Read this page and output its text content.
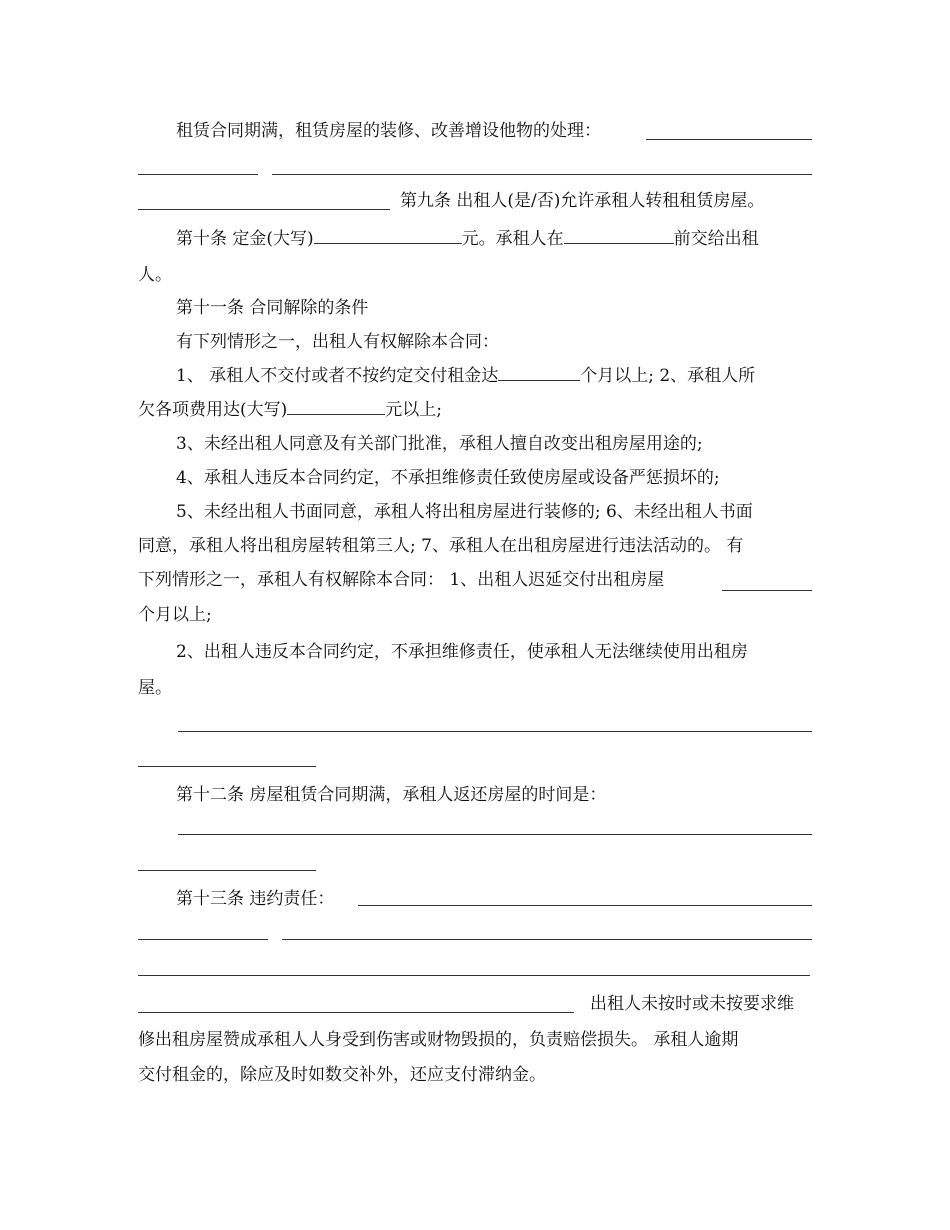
租赁合同期满，租赁房屋的装修、改善增设他物的处理：
第九条 出租人(是/否)允许承租人转租租赁房屋。
第十条 定金(大写)	元。承租人在	前交给出租
人。
第十一条 合同解除的条件
有下列情形之一，出租人有权解除本合同：
1、 承租人不交付或者不按约定交付租金达	个月以上; 2、承租人所
欠各项费用达(大写)	元以上;
3、未经出租人同意及有关部门批准，承租人擅自改变出租房屋用途的;
4、承租人违反本合同约定，不承担维修责任致使房屋或设备严惩损坏的;
5、未经出租人书面同意，承租人将出租房屋进行装修的; 6、未经出租人书面
同意，承租人将出租房屋转租第三人; 7、承租人在出租房屋进行违法活动的。 有
下列情形之一，承租人有权解除本合同： 1、出租人迟延交付出租房屋
个月以上;
2、出租人违反本合同约定，不承担维修责任，使承租人无法继续使用出租房
屋。
第十二条 房屋租赁合同期满，承租人返还房屋的时间是：
第十三条 违约责任：
出租人未按时或未按要求维
修出租房屋赞成承租人人身受到伤害或财物毁损的，负责赔偿损失。 承租人逾期
交付租金的，除应及时如数交补外，还应支付滞纳金。
